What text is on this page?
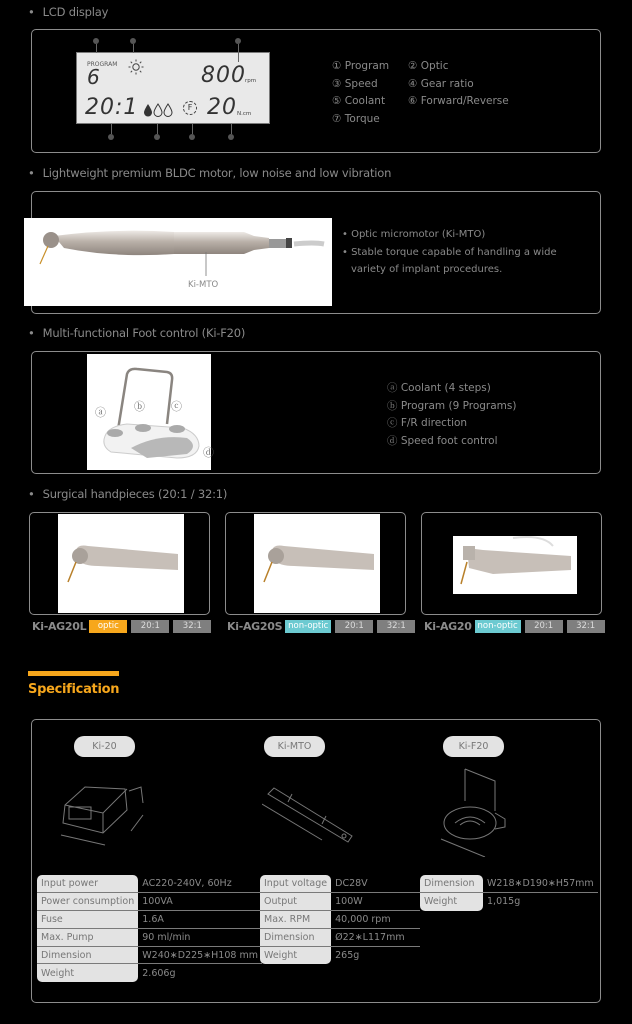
• LCD display
PROGRAM
6	800 rpm
20:1	F 20 N.cm
① Program
③ Speed
⑤ Coolant
⑦ Torque
② Optic
④ Gear ratio
⑥ Forward/Reverse
• Lightweight premium BLDC motor, low noise and low vibration
Ki-MTO
• Optic micromotor (Ki-MTO)
• Stable torque capable of handling a wide
variety of implant procedures.
• Multi-functional Foot control (Ki-F20)
ⓐ	ⓑ ⓒ
ⓓ
ⓐ Coolant (4 steps)
ⓑ Program (9 Programs)
ⓒ F/R direction
ⓓ Speed foot control
• Surgical handpieces (20:1 / 32:1)
Ki-AG20L	optic	20:1	32:1	Ki-AG20S non-optic	20:1	32:1	Ki-AG20 non-optic	20:1	32:1
Specification
Ki-20	Ki-MTO	Ki-F20
Input power	AC220-240V, 60Hz
Power consumption	100VA
Fuse	1.6A
Max. Pump	90 ml/min
Dimension	W240∗D225∗H108 mm
Weight	2.606g
Input voltage	DC28V
Output	100W
Max. RPM	40,000 rpm
Dimension	Ø22∗L117mm
Weight	265g
Dimension	W218∗D190∗H57mm
Weight	1,015g
